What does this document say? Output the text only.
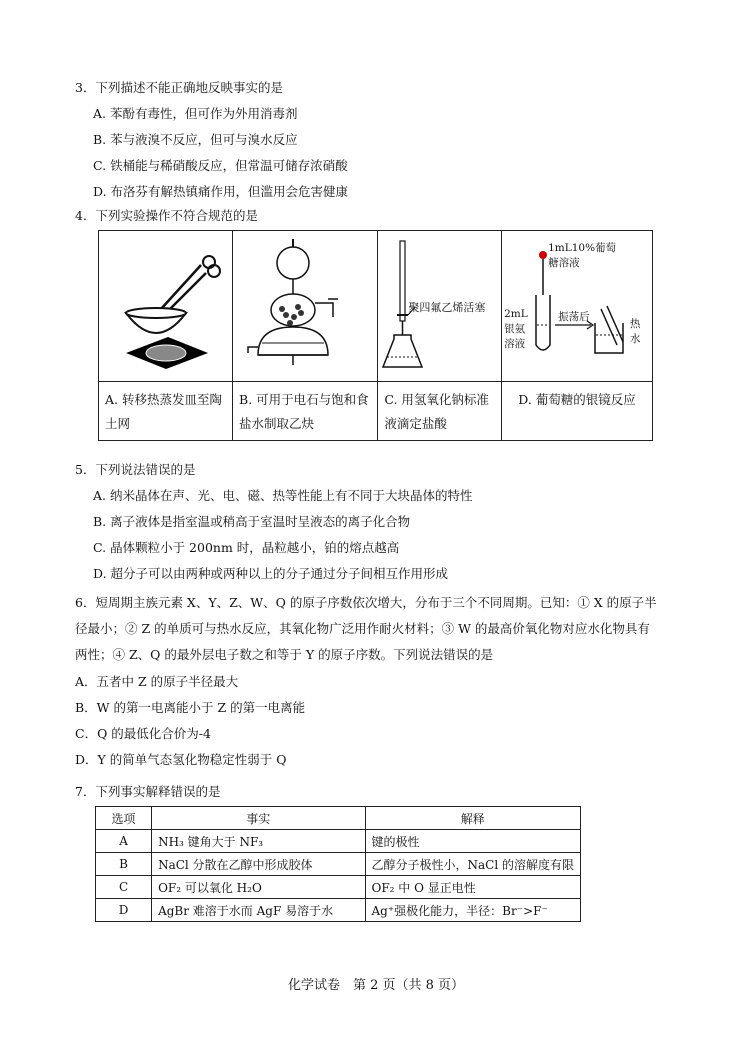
3．下列描述不能正确地反映事实的是
A. 苯酚有毒性，但可作为外用消毒剂
B. 苯与液溴不反应，但可与溴水反应
C. 铁桶能与稀硝酸反应，但常温可储存浓硝酸
D. 布洛芬有解热镇痛作用，但滥用会危害健康
4．下列实验操作不符合规范的是

聚四氟乙烯活塞	1mL10%葡萄糖溶液
2mL银氨溶液
振荡后
热水

A. 转移热蒸发皿至陶土网	B. 可用于电石与饱和食盐水制取乙炔	C. 用氢氧化钠标准液滴定盐酸	D. 葡萄糖的银镜反应
5．下列说法错误的是
A. 纳米晶体在声、光、电、磁、热等性能上有不同于大块晶体的特性
B. 离子液体是指室温或稍高于室温时呈液态的离子化合物
C. 晶体颗粒小于 200nm 时，晶粒越小，铂的熔点越高
D. 超分子可以由两种或两种以上的分子通过分子间相互作用形成
6．短周期主族元素 X、Y、Z、W、Q 的原子序数依次增大，分布于三个不同周期。已知：① X 的原子半径最小；② Z 的单质可与热水反应，其氧化物广泛用作耐火材料；③ W 的最高价氧化物对应水化物具有两性；④ Z、Q 的最外层电子数之和等于 Y 的原子序数。下列说法错误的是
A．五者中 Z 的原子半径最大
B．W 的第一电离能小于 Z 的第一电离能
C．Q 的最低化合价为-4
D．Y 的简单气态氢化物稳定性弱于 Q
7．下列事实解释错误的是
选项	事实	解释
A	NH₃ 键角大于 NF₃	键的极性
B	NaCl 分散在乙醇中形成胶体	乙醇分子极性小，NaCl 的溶解度有限
C	OF₂ 可以氧化 H₂O	OF₂ 中 O 显正电性
D	AgBr 难溶于水而 AgF 易溶于水	Ag⁺强极化能力，半径：Br⁻>F⁻
化学试卷　第 2 页（共 8 页）
